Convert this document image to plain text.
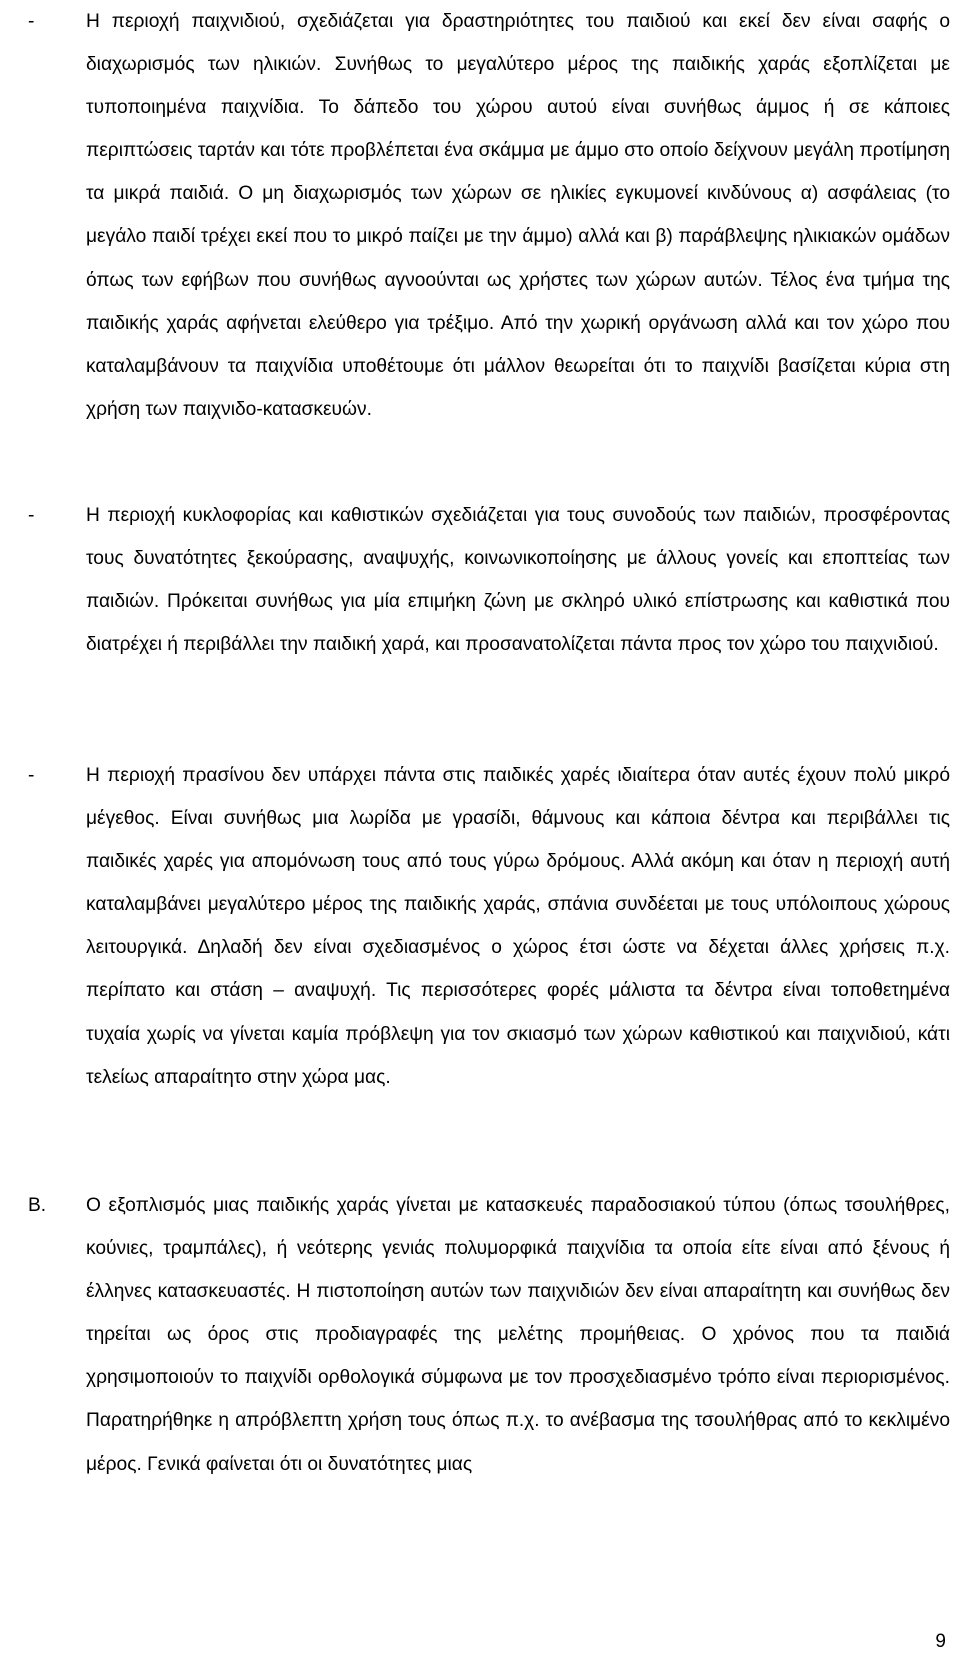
-	Η περιοχή παιχνιδιού, σχεδιάζεται για δραστηριότητες του παιδιού και εκεί δεν είναι σαφής ο διαχωρισμός των ηλικιών. Συνήθως το μεγαλύτερο μέρος της παιδικής χαράς εξοπλίζεται με τυποποιημένα παιχνίδια. Το δάπεδο του χώρου αυτού είναι συνήθως άμμος ή σε κάποιες περιπτώσεις ταρτάν και τότε προβλέπεται ένα σκάμμα με άμμο στο οποίο δείχνουν μεγάλη προτίμηση τα μικρά παιδιά. Ο μη διαχωρισμός των χώρων σε ηλικίες εγκυμονεί κινδύνους α) ασφάλειας (το μεγάλο παιδί τρέχει εκεί που το μικρό παίζει με την άμμο) αλλά και β) παράβλεψης ηλικιακών ομάδων όπως των εφήβων που συνήθως αγνοούνται ως χρήστες των χώρων αυτών. Τέλος ένα τμήμα της παιδικής χαράς αφήνεται ελεύθερο για τρέξιμο. Από την χωρική οργάνωση αλλά και τον χώρο που καταλαμβάνουν τα παιχνίδια υποθέτουμε ότι μάλλον θεωρείται ότι το παιχνίδι βασίζεται κύρια στη χρήση των παιχνιδο-κατασκευών.
-	Η περιοχή κυκλοφορίας και καθιστικών σχεδιάζεται για τους συνοδούς των παιδιών, προσφέροντας τους δυνατότητες ξεκούρασης, αναψυχής, κοινωνικοποίησης με άλλους γονείς και εποπτείας των παιδιών. Πρόκειται συνήθως για μία επιμήκη ζώνη με σκληρό υλικό επίστρωσης και καθιστικά που διατρέχει ή περιβάλλει την παιδική χαρά, και προσανατολίζεται πάντα προς τον χώρο του παιχνιδιού.
-	Η περιοχή πρασίνου δεν υπάρχει πάντα στις παιδικές χαρές ιδιαίτερα όταν αυτές έχουν πολύ μικρό μέγεθος. Είναι συνήθως μια λωρίδα με γρασίδι, θάμνους και κάποια δέντρα και περιβάλλει τις παιδικές χαρές για απομόνωση τους από τους γύρω δρόμους. Αλλά ακόμη και όταν η περιοχή αυτή καταλαμβάνει μεγαλύτερο μέρος της παιδικής χαράς, σπάνια συνδέεται με τους υπόλοιπους χώρους λειτουργικά. Δηλαδή δεν είναι σχεδιασμένος ο χώρος έτσι ώστε να δέχεται άλλες χρήσεις π.χ. περίπατο και στάση – αναψυχή. Τις περισσότερες φορές μάλιστα τα δέντρα είναι τοποθετημένα τυχαία χωρίς να γίνεται καμία πρόβλεψη για τον σκιασμό των χώρων καθιστικού και παιχνιδιού, κάτι τελείως απαραίτητο στην χώρα μας.
Β. Ο εξοπλισμός μιας παιδικής χαράς γίνεται με κατασκευές παραδοσιακού τύπου (όπως τσουλήθρες, κούνιες, τραμπάλες), ή νεότερης γενιάς πολυμορφικά παιχνίδια τα οποία είτε είναι από ξένους ή έλληνες κατασκευαστές. Η πιστοποίηση αυτών των παιχνιδιών δεν είναι απαραίτητη και συνήθως δεν τηρείται ως όρος στις προδιαγραφές της μελέτης προμήθειας. Ο χρόνος που τα παιδιά χρησιμοποιούν το παιχνίδι ορθολογικά σύμφωνα με τον προσχεδιασμένο τρόπο είναι περιορισμένος. Παρατηρήθηκε η απρόβλεπτη χρήση τους όπως π.χ. το ανέβασμα της τσουλήθρας από το κεκλιμένο μέρος. Γενικά φαίνεται ότι οι δυνατότητες μιας
9
